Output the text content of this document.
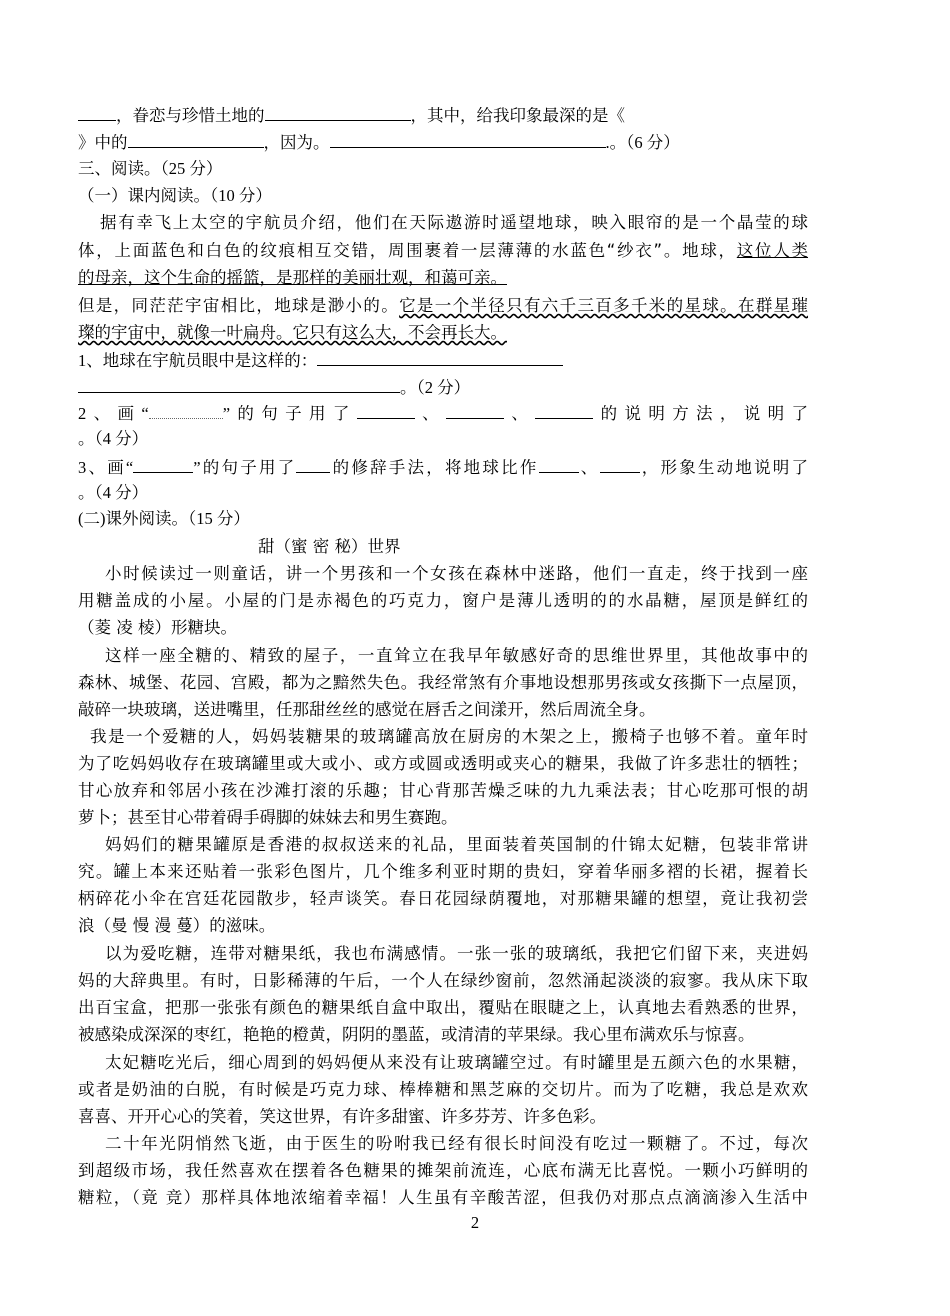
，眷恋与珍惜土地的	，其中，给我印象最深的是《
》中的	，因为。	.。（6 分）
三、阅读。（25 分）
（一）课内阅读。（10 分）
据有幸飞上太空的宇航员介绍，他们在天际遨游时遥望地球，映入眼帘的是一个晶莹的球
体，上面蓝色和白色的纹痕相互交错，周围裹着一层薄薄的水蓝色“纱衣”。地球，这位人类
的母亲，这个生命的摇篮，是那样的美丽壮观，和蔼可亲。
但是，同茫茫宇宙相比，地球是渺小的。它是一个半径只有六千三百多千米的星球。在群星璀
璨的宇宙中，就像一叶扁舟。它只有这么大，不会再长大。
1、地球在宇航员眼中是这样的：
。（2 分）
2、画“	”的句子用了	、	、	的说明方法，说明了
。（4 分）
3、画“	”的句子用了 的修辞手法，将地球比作 、 ，形象生动地说明了
。（4 分）
(二)课外阅读。（15 分）
甜（蜜 密 秘）世界
小时候读过一则童话，讲一个男孩和一个女孩在森林中迷路，他们一直走，终于找到一座
用糖盖成的小屋。小屋的门是赤褐色的巧克力，窗户是薄儿透明的的水晶糖，屋顶是鲜红的
（菱 凌 棱）形糖块。
这样一座全糖的、精致的屋子，一直耸立在我早年敏感好奇的思维世界里，其他故事中的
森林、城堡、花园、宫殿，都为之黯然失色。我经常煞有介事地设想那男孩或女孩撕下一点屋顶，
敲碎一块玻璃，送进嘴里，任那甜丝丝的感觉在唇舌之间漾开，然后周流全身。
我是一个爱糖的人，妈妈装糖果的玻璃罐高放在厨房的木架之上，搬椅子也够不着。童年时
为了吃妈妈收存在玻璃罐里或大或小、或方或圆或透明或夹心的糖果，我做了许多悲壮的牺牲；
甘心放弃和邻居小孩在沙滩打滚的乐趣；甘心背那苦燥乏味的九九乘法表；甘心吃那可恨的胡
萝卜；甚至甘心带着碍手碍脚的妹妹去和男生赛跑。
妈妈们的糖果罐原是香港的叔叔送来的礼品，里面装着英国制的什锦太妃糖，包装非常讲
究。罐上本来还贴着一张彩色图片，几个维多利亚时期的贵妇，穿着华丽多褶的长裙，握着长
柄碎花小伞在宫廷花园散步，轻声谈笑。春日花园绿荫覆地，对那糖果罐的想望，竟让我初尝
浪（曼 慢 漫 蔓）的滋味。
以为爱吃糖，连带对糖果纸，我也布满感情。一张一张的玻璃纸，我把它们留下来，夹进妈
妈的大辞典里。有时，日影稀薄的午后，一个人在绿纱窗前，忽然涌起淡淡的寂寥。我从床下取
出百宝盒，把那一张张有颜色的糖果纸自盒中取出，覆贴在眼睫之上，认真地去看熟悉的世界，
被感染成深深的枣红，艳艳的橙黄，阴阴的墨蓝，或清清的苹果绿。我心里布满欢乐与惊喜。
太妃糖吃光后，细心周到的妈妈便从来没有让玻璃罐空过。有时罐里是五颜六色的水果糖，
或者是奶油的白脱，有时候是巧克力球、棒棒糖和黑芝麻的交切片。而为了吃糖，我总是欢欢
喜喜、开开心心的笑着，笑这世界，有许多甜蜜、许多芬芳、许多色彩。
二十年光阴悄然飞逝，由于医生的吩咐我已经有很长时间没有吃过一颗糖了。不过，每次
到超级市场，我任然喜欢在摆着各色糖果的摊架前流连，心底布满无比喜悦。一颗小巧鲜明的
糖粒，（竟 竞）那样具体地浓缩着幸福！人生虽有辛酸苦涩，但我仍对那点点滴滴渗入生活中
2
